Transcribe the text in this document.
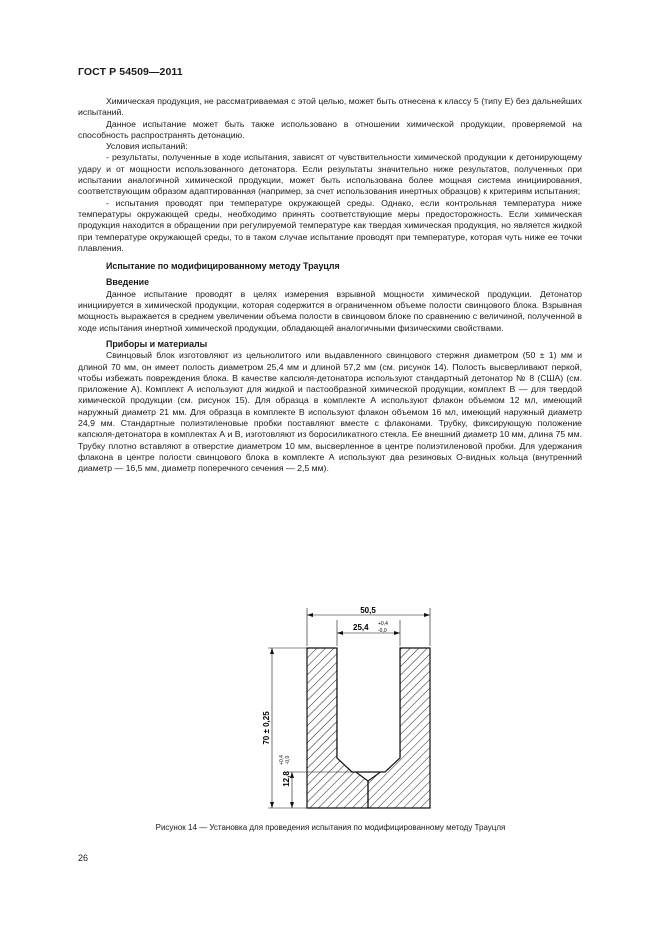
ГОСТ Р 54509—2011

Химическая продукция, не рассматриваемая с этой целью, может быть отнесена к классу 5 (типу E) без дальнейших испытаний.

Данное испытание может быть также использовано в отношении химической продукции, проверяемой на способность распространять детонацию.

Условия испытаний:

- результаты, полученные в ходе испытания, зависят от чувствительности химической продукции к детонирующему удару и от мощности использованного детонатора. Если результаты значительно ниже результатов, полученных при испытании аналогичной химической продукции, может быть использована более мощная система инициирования, соответствующим образом адаптированная (например, за счет использования инертных образцов) к критериям испытания;

- испытания проводят при температуре окружающей среды. Однако, если контрольная температура ниже температуры окружающей среды, необходимо принять соответствующие меры предосторожность. Если химическая продукция находится в обращении при регулируемой температуре как твердая химическая продукция, но является жидкой при температуре окружающей среды, то в таком случае испытание проводят при температуре, которая чуть ниже ее точки плавления.

Испытание по модифицированному методу Трауцля
Введение

Данное испытание проводят в целях измерения взрывной мощности химической продукции. Детонатор инициируется в химической продукции, которая содержится в ограниченном объеме полости свинцового блока. Взрывная мощность выражается в среднем увеличении объема полости в свинцовом блоке по сравнению с величиной, полученной в ходе испытания инертной химической продукции, обладающей аналогичными физическими свойствами.

Приборы и материалы

Свинцовый блок изготовляют из цельнолитого или выдавленного свинцового стержня диаметром (50 ± 1) мм и длиной 70 мм, он имеет полость диаметром 25,4 мм и длиной 57,2 мм (см. рисунок 14). Полость высверливают перкой, чтобы избежать повреждения блока. В качестве капсюля-детонатора используют стандартный детонатор № 8 (США) (см. приложение А). Комплект А используют для жидкой и пастообразной химической продукции, комплект В — для твердой химической продукции (см. рисунок 15). Для образца в комплекте А используют флакон объемом 12 мл, имеющий наружный диаметр 21 мм. Для образца в комплекте В используют флакон объемом 16 мл, имеющий наружный диаметр 24,9 мм. Стандартные полиэтиленовые пробки поставляют вместе с флаконами. Трубку, фиксирующую положение капсюля-детонатора в комплектах А и В, изготовляют из боросиликатного стекла. Ее внешний диаметр 10 мм, длина 75 мм. Трубку плотно вставляют в отверстие диаметром 10 мм, высверленное в центре полиэтиленовой пробки. Для удержания флакона в центре полости свинцового блока в комплекте А используют два резиновых О-видных кольца (внутренний диаметр — 16,5 мм, диаметр поперечного сечения — 2,5 мм).

50,5
25,4 +0,4
-0,0
70 ± 0,25
12,8
+0,4 -0,0
Рисунок 14 — Установка для проведения испытания по модифицированному методу Трауцля
26
